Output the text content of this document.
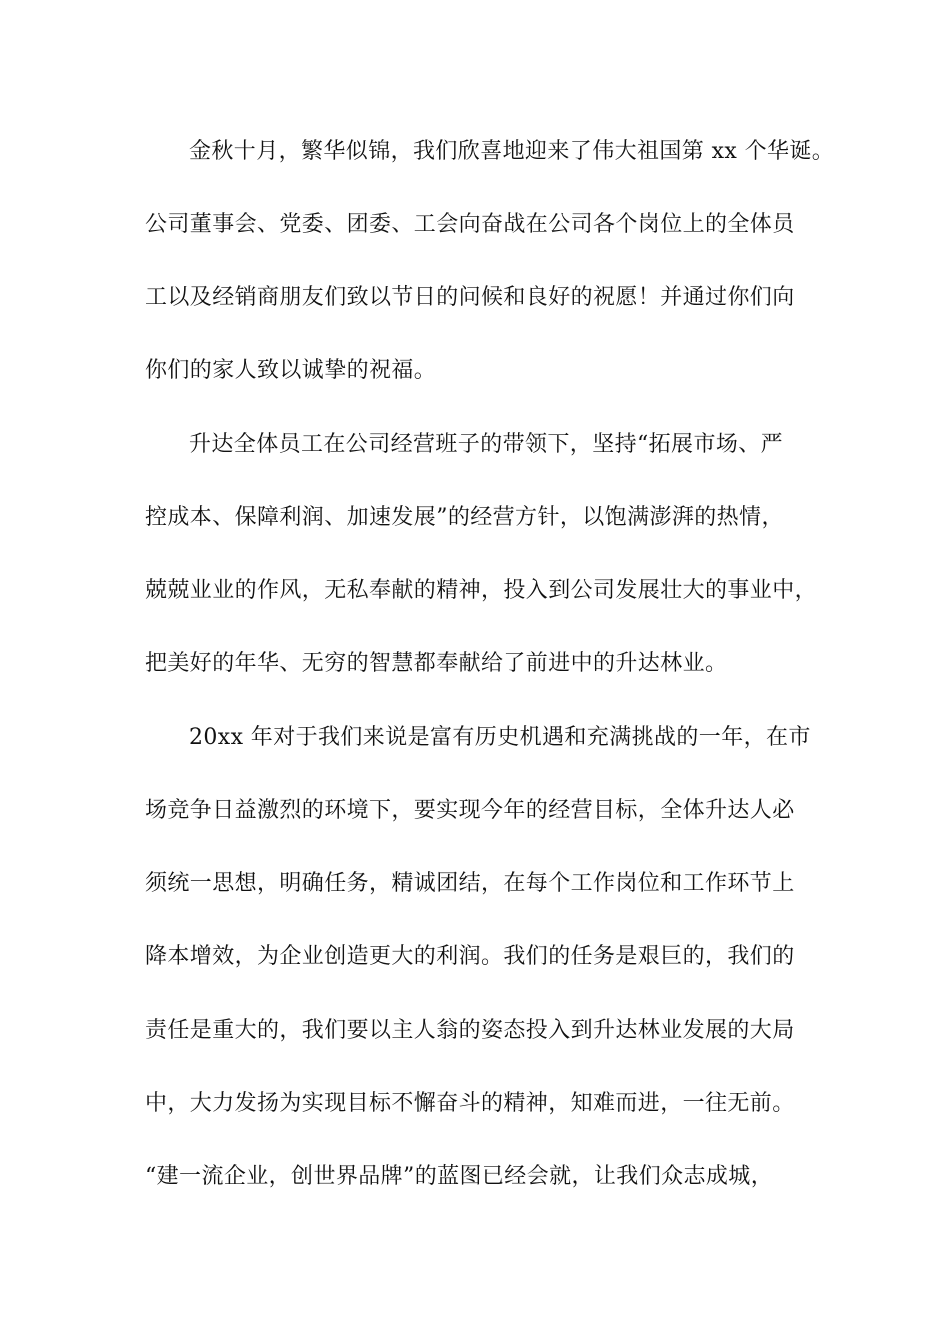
金秋十月，繁华似锦，我们欣喜地迎来了伟大祖国第 xx 个华诞。
公司董事会、党委、团委、工会向奋战在公司各个岗位上的全体员
工以及经销商朋友们致以节日的问候和良好的祝愿！并通过你们向
你们的家人致以诚挚的祝福。
升达全体员工在公司经营班子的带领下，坚持“拓展市场、严
控成本、保障利润、加速发展”的经营方针，以饱满澎湃的热情，
兢兢业业的作风，无私奉献的精神，投入到公司发展壮大的事业中，
把美好的年华、无穷的智慧都奉献给了前进中的升达林业。
20xx 年对于我们来说是富有历史机遇和充满挑战的一年，在市
场竞争日益激烈的环境下，要实现今年的经营目标，全体升达人必
须统一思想，明确任务，精诚团结，在每个工作岗位和工作环节上
降本增效，为企业创造更大的利润。我们的任务是艰巨的，我们的
责任是重大的，我们要以主人翁的姿态投入到升达林业发展的大局
中，大力发扬为实现目标不懈奋斗的精神，知难而进，一往无前。
“建一流企业，创世界品牌”的蓝图已经会就，让我们众志成城，
